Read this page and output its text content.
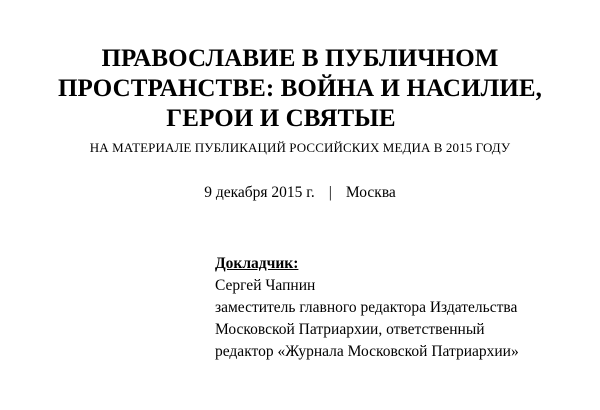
ПРАВОСЛАВИЕ В ПУБЛИЧНОМ
ПРОСТРАНСТВЕ: ВОЙНА И НАСИЛИЕ,
ГЕРОИ И СВЯТЫЕ
НА МАТЕРИАЛЕ ПУБЛИКАЦИЙ РОССИЙСКИХ МЕДИА В 2015 ГОДУ
9 декабря 2015 г. | Москва
Докладчик:
Сергей Чапнин
заместитель главного редактора Издательства
Московской Патриархии, ответственный
редактор «Журнала Московской Патриархии»
